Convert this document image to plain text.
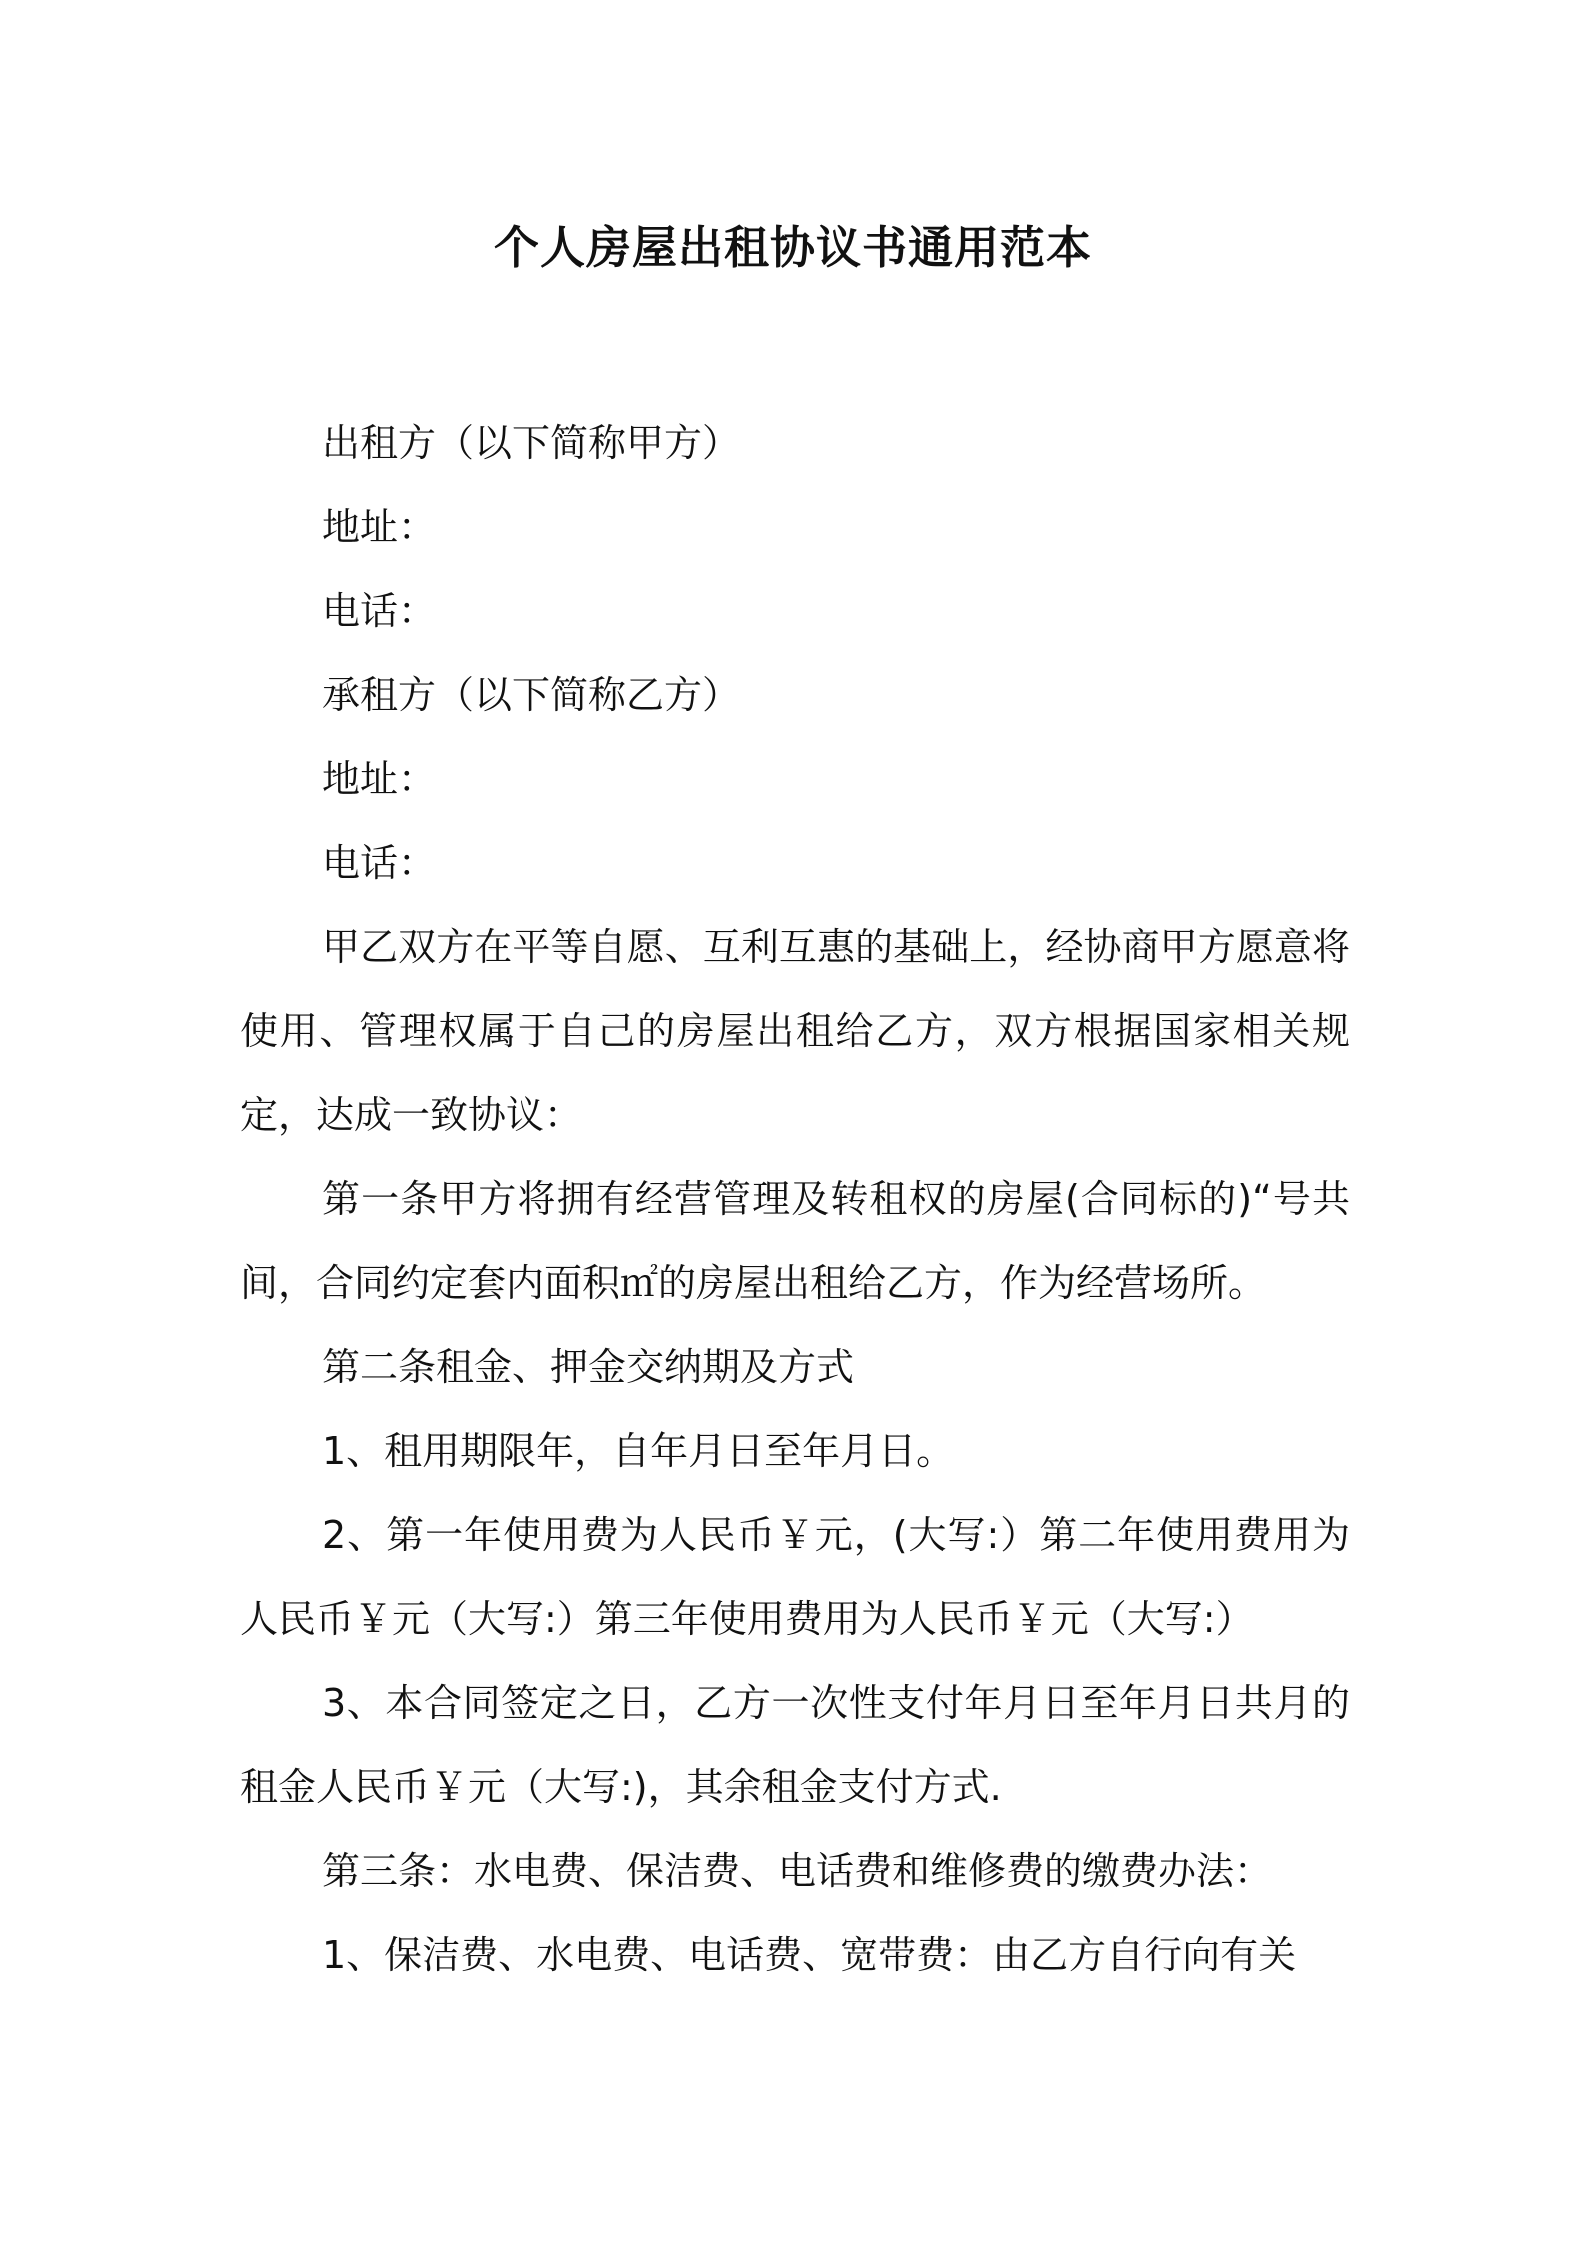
个人房屋出租协议书通用范本

出租方（以下简称甲方）

地址：

电话：

承租方（以下简称乙方）

地址：

电话：

甲乙双方在平等自愿、互利互惠的基础上，经协商甲方愿意将使用、管理权属于自己的房屋出租给乙方，双方根据国家相关规定，达成一致协议：

第一条甲方将拥有经营管理及转租权的房屋(合同标的)“号共间，合同约定套内面积㎡的房屋出租给乙方，作为经营场所。

第二条租金、押金交纳期及方式

1、租用期限年，自年月日至年月日。

2、第一年使用费为人民币￥元，(大写:）第二年使用费用为人民币￥元（大写:）第三年使用费用为人民币￥元（大写:）

3、本合同签定之日，乙方一次性支付年月日至年月日共月的租金人民币￥元（大写:)，其余租金支付方式.

第三条：水电费、保洁费、电话费和维修费的缴费办法：

1、保洁费、水电费、电话费、宽带费：由乙方自行向有关
